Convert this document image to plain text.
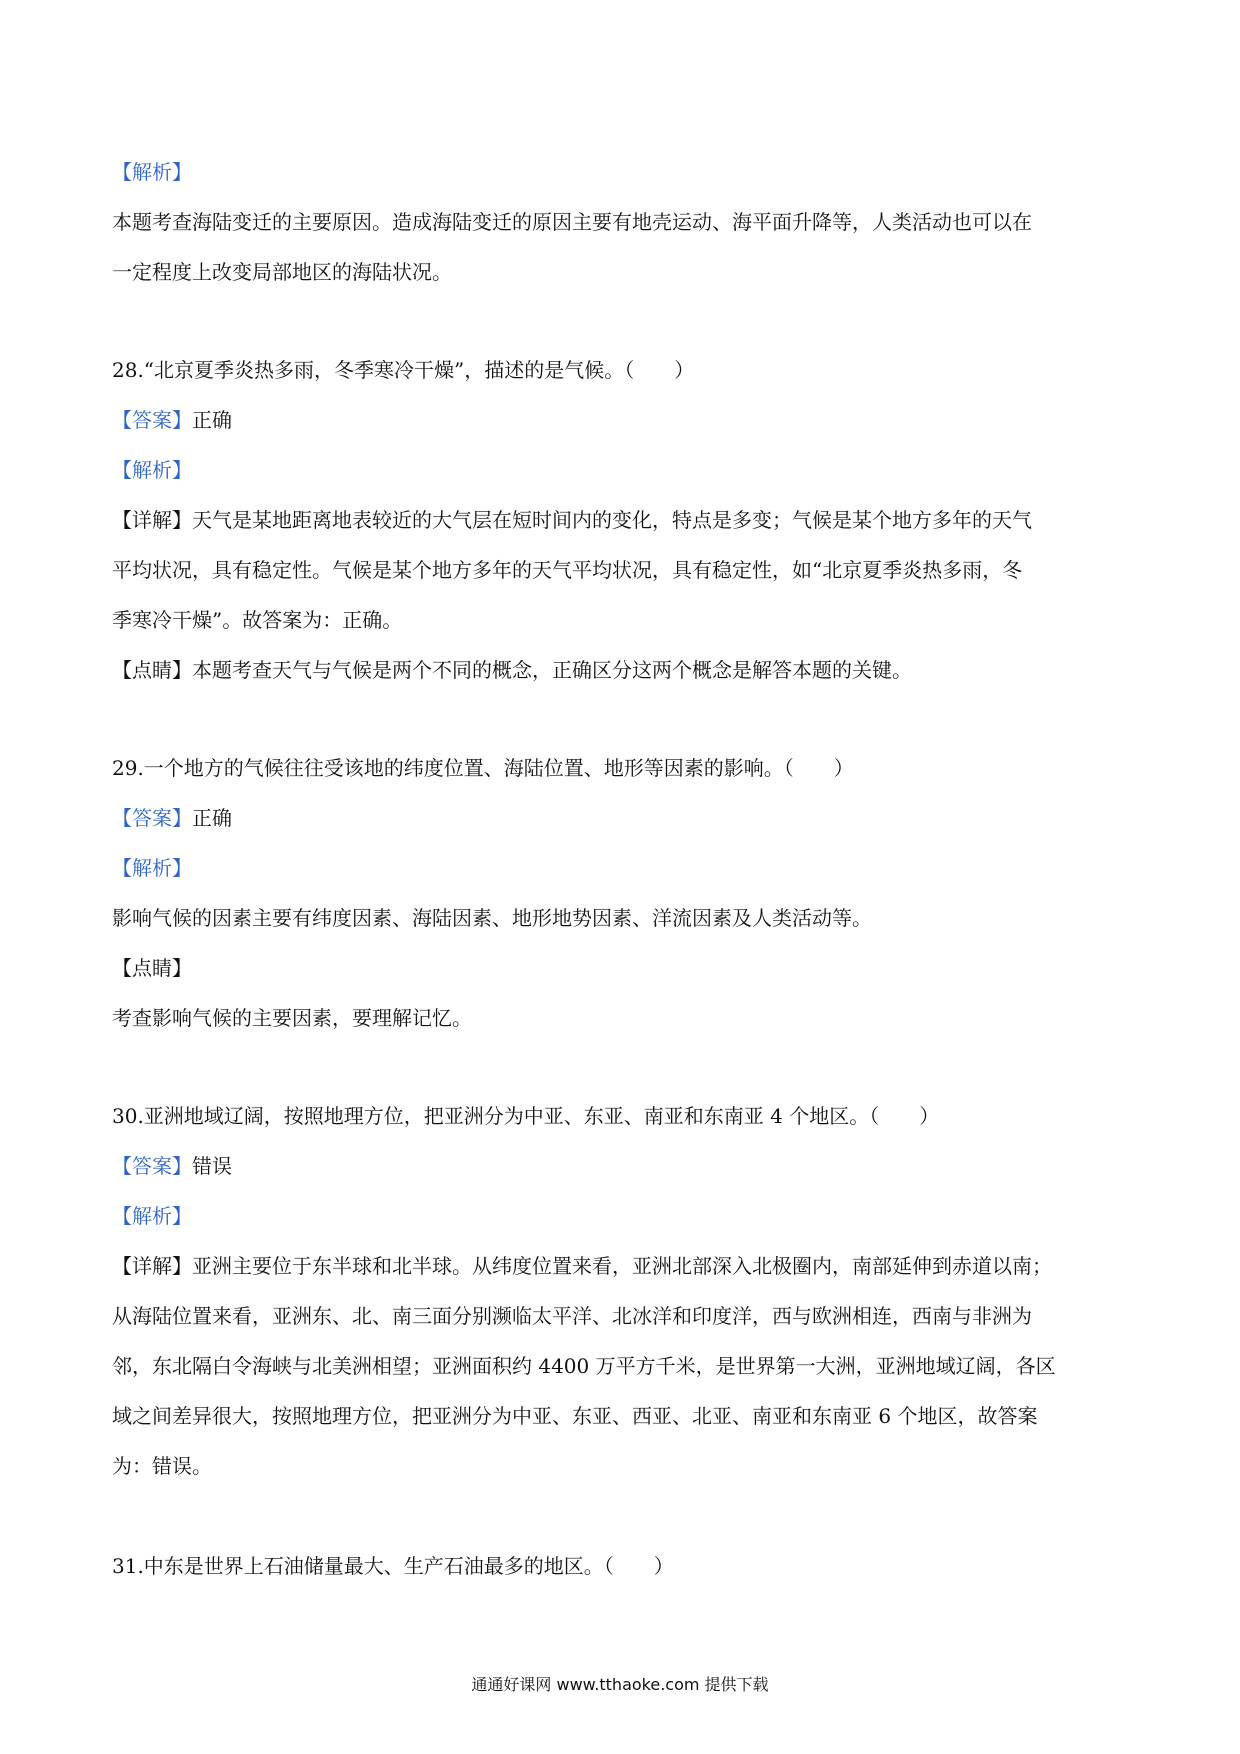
【解析】
本题考查海陆变迁的主要原因。造成海陆变迁的原因主要有地壳运动、海平面升降等，人类活动也可以在
一定程度上改变局部地区的海陆状况。
28.“北京夏季炎热多雨，冬季寒冷干燥”，描述的是气候。（　　）
【答案】正确
【解析】
【详解】天气是某地距离地表较近的大气层在短时间内的变化，特点是多变；气候是某个地方多年的天气
平均状况，具有稳定性。气候是某个地方多年的天气平均状况，具有稳定性，如“北京夏季炎热多雨，冬
季寒冷干燥”。故答案为：正确。
【点睛】本题考查天气与气候是两个不同的概念，正确区分这两个概念是解答本题的关键。
29.一个地方的气候往往受该地的纬度位置、海陆位置、地形等因素的影响。（　　）
【答案】正确
【解析】
影响气候的因素主要有纬度因素、海陆因素、地形地势因素、洋流因素及人类活动等。
【点睛】
考查影响气候的主要因素，要理解记忆。
30.亚洲地域辽阔，按照地理方位，把亚洲分为中亚、东亚、南亚和东南亚 4 个地区。（　　）
【答案】错误
【解析】
【详解】亚洲主要位于东半球和北半球。从纬度位置来看，亚洲北部深入北极圈内，南部延伸到赤道以南；
从海陆位置来看，亚洲东、北、南三面分别濒临太平洋、北冰洋和印度洋，西与欧洲相连，西南与非洲为
邻，东北隔白令海峡与北美洲相望；亚洲面积约 4400 万平方千米，是世界第一大洲，亚洲地域辽阔，各区
域之间差异很大，按照地理方位，把亚洲分为中亚、东亚、西亚、北亚、南亚和东南亚 6 个地区，故答案
为：错误。
31.中东是世界上石油储量最大、生产石油最多的地区。（　　）
通通好课网 www.tthaoke.com 提供下载
